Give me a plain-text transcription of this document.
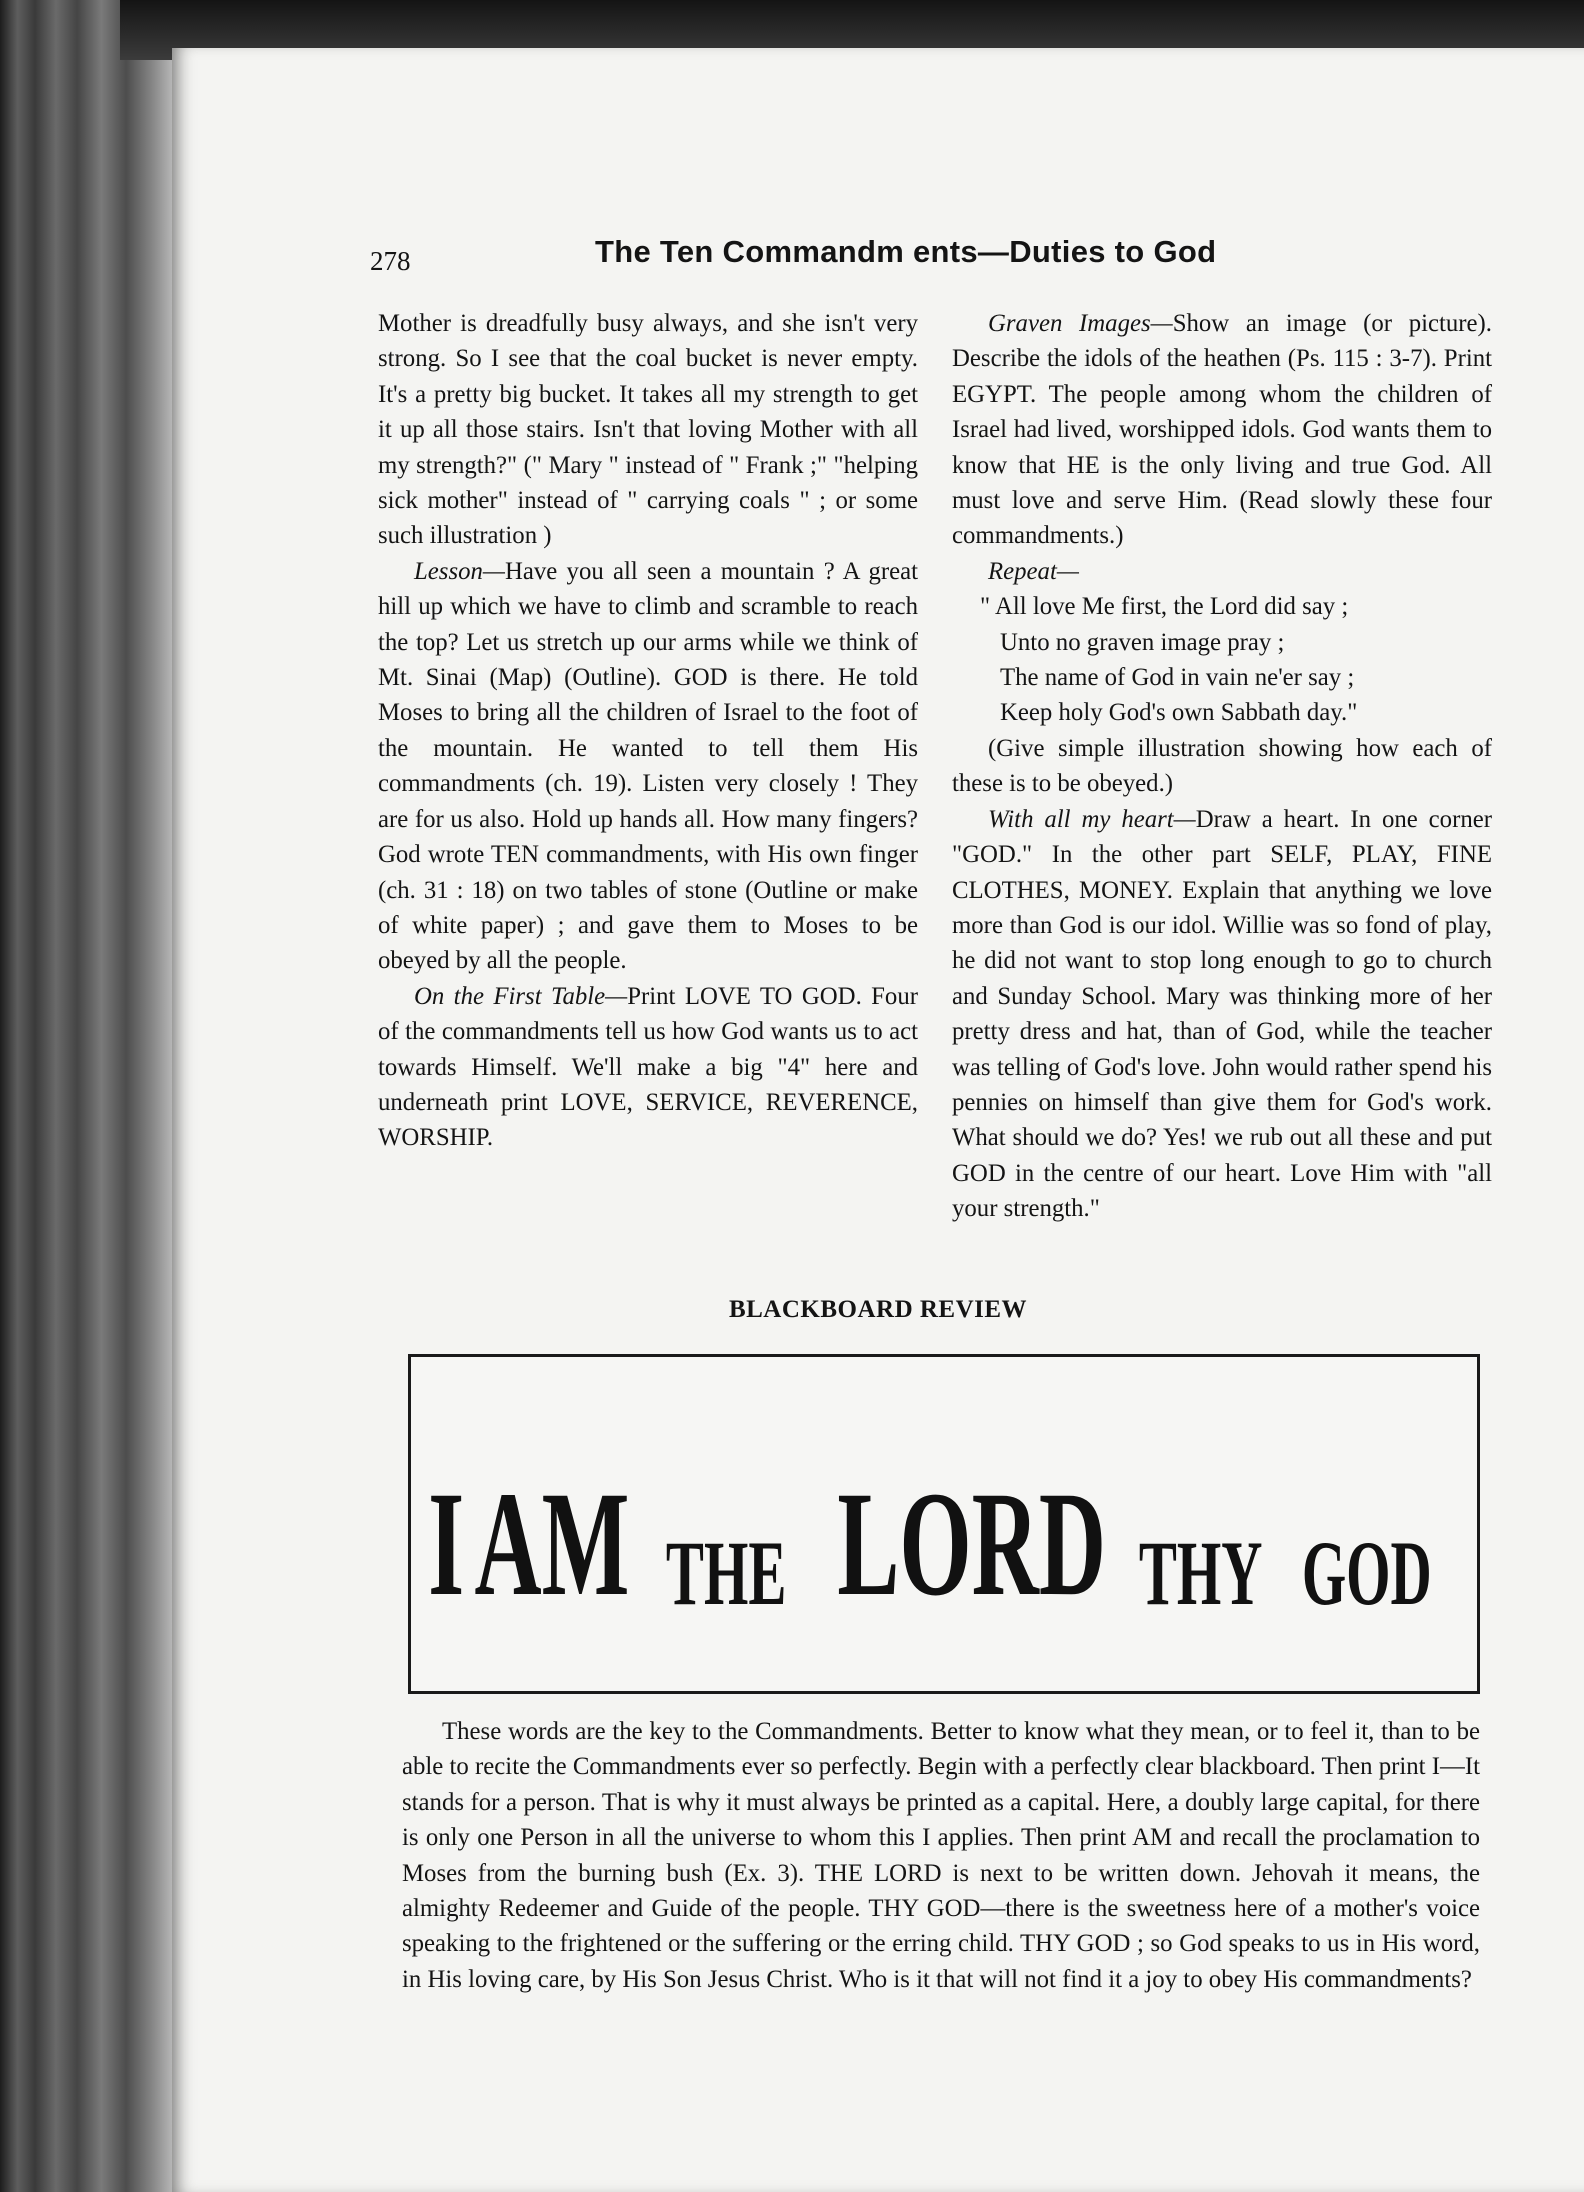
278	The Ten Commandm ents—Duties to God

Mother is dreadfully busy always, and she isn't very strong. So I see that the coal bucket is never empty. It's a pretty big bucket. It takes all my strength to get it up all those stairs. Isn't that loving Mother with all my strength?" (" Mary " instead of " Frank ;" "helping sick mother" instead of " carrying coals " ; or some such illustration )

Lesson—Have you all seen a mountain ? A great hill up which we have to climb and scramble to reach the top? Let us stretch up our arms while we think of Mt. Sinai (Map) (Outline). GOD is there. He told Moses to bring all the children of Israel to the foot of the mountain. He wanted to tell them His commandments (ch. 19). Listen very closely ! They are for us also. Hold up hands all. How many fingers? God wrote TEN commandments, with His own finger (ch. 31 : 18) on two tables of stone (Outline or make of white paper) ; and gave them to Moses to be obeyed by all the people.

On the First Table—Print LOVE TO GOD. Four of the commandments tell us how God wants us to act towards Himself. We'll make a big "4" here and underneath print LOVE, SERVICE, REVERENCE, WORSHIP.

Graven Images—Show an image (or picture). Describe the idols of the heathen (Ps. 115 : 3-7). Print EGYPT. The people among whom the children of Israel had lived, worshipped idols. God wants them to know that HE is the only living and true God. All must love and serve Him. (Read slowly these four commandments.)

Repeat—

" All love Me first, the Lord did say ;

Unto no graven image pray ;

The name of God in vain ne'er say ;

Keep holy God's own Sabbath day."

(Give simple illustration showing how each of these is to be obeyed.)

With all my heart—Draw a heart. In one corner "GOD." In the other part SELF, PLAY, FINE CLOTHES, MONEY. Explain that anything we love more than God is our idol. Willie was so fond of play, he did not want to stop long enough to go to church and Sunday School. Mary was thinking more of her pretty dress and hat, than of God, while the teacher was telling of God's love. John would rather spend his pennies on himself than give them for God's work. What should we do? Yes! we rub out all these and put GOD in the centre of our heart. Love Him with "all your strength."

BLACKBOARD REVIEW
I AM THE LORD THY GOD

These words are the key to the Commandments. Better to know what they mean, or to feel it, than to be able to recite the Commandments ever so perfectly. Begin with a perfectly clear blackboard. Then print I—It stands for a person. That is why it must always be printed as a capital. Here, a doubly large capital, for there is only one Person in all the universe to whom this I applies. Then print AM and recall the proclamation to Moses from the burning bush (Ex. 3). THE LORD is next to be written down. Jehovah it means, the almighty Redeemer and Guide of the people. THY GOD—there is the sweetness here of a mother's voice speaking to the frightened or the suffering or the erring child. THY GOD ; so God speaks to us in His word, in His loving care, by His Son Jesus Christ. Who is it that will not find it a joy to obey His commandments?
